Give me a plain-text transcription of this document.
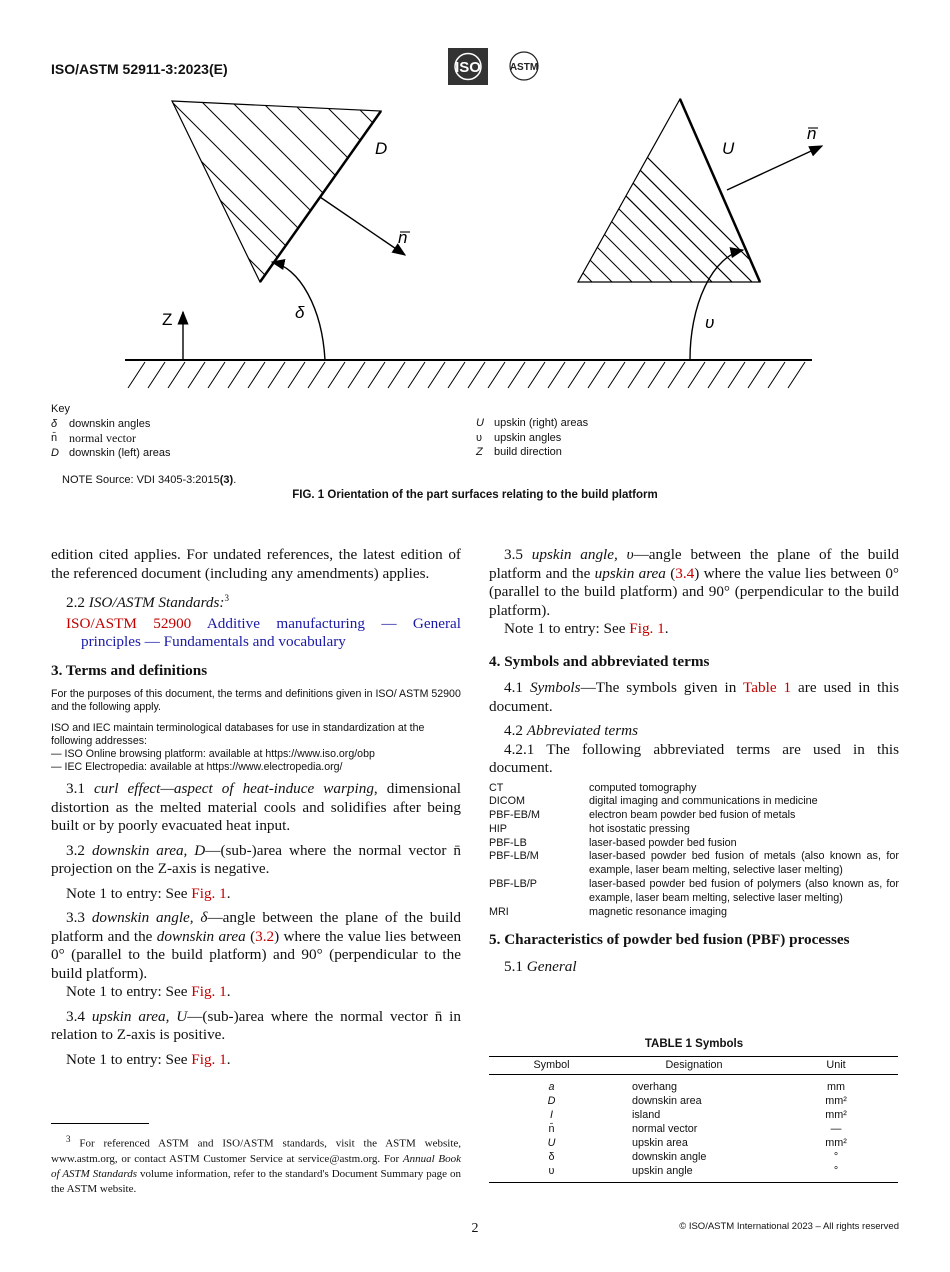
ISO/ASTM 52911-3:2023(E)	ISO	ASTM
D	U
n
n
δ
υ
Z
Key
δ	downskin angles
n̄ normal vector
D downskin (left) areas
U upskin (right) areas
υ	upskin angles
Z build direction
NOTE Source: VDI 3405-3:2015(3).
FIG. 1 Orientation of the part surfaces relating to the build platform

edition cited applies. For undated references, the latest edition of the referenced document (including any amendments) applies.

2.2 ISO/ASTM Standards:$^3$

ISO/ASTM 52900 Additive manufacturing — General principles — Fundamentals and vocabulary

3. Terms and definitions

For the purposes of this document, the terms and definitions given in ISO/ ASTM 52900 and the following apply.

ISO and IEC maintain terminological databases for use in standardization at the following addresses:
— ISO Online browsing platform: available at https://www.iso.org/obp
— IEC Electropedia: available at https://www.electropedia.org/

3.1 curl effect—aspect of heat-induce warping, dimensional distortion as the melted material cools and solidifies after being built or by poorly evacuated heat input.

3.2 downskin area, D—(sub-)area where the normal vector n̄ projection on the Z-axis is negative.

Note 1 to entry: See Fig. 1.

3.3 downskin angle, δ—angle between the plane of the build platform and the downskin area (3.2) where the value lies between 0° (parallel to the build platform) and 90° (perpendicular to the build platform).

Note 1 to entry: See Fig. 1.

3.4 upskin area, U—(sub-)area where the normal vector n̄ in relation to Z-axis is positive.

Note 1 to entry: See Fig. 1.

$^3$ For referenced ASTM and ISO/ASTM standards, visit the ASTM website, www.astm.org, or contact ASTM Customer Service at service@astm.org. For Annual Book of ASTM Standards volume information, refer to the standard's Document Summary page on the ASTM website.

3.5 upskin angle, υ—angle between the plane of the build platform and the upskin area (3.4) where the value lies between 0° (parallel to the build platform) and 90° (perpendicular to the build platform).

Note 1 to entry: See Fig. 1.

4. Symbols and abbreviated terms

4.1 Symbols—The symbols given in Table 1 are used in this document.

4.2 Abbreviated terms

4.2.1 The following abbreviated terms are used in this document.

CT	computed tomography
DICOM	digital imaging and communications in medicine
PBF-EB/M	electron beam powder bed fusion of metals
HIP	hot isostatic pressing
PBF-LB	laser-based powder bed fusion
PBF-LB/M	laser-based powder bed fusion of metals (also known as, for example, laser beam melting, selective laser melting)
PBF-LB/P	laser-based powder bed fusion of polymers (also known as, for example, laser beam melting, selective laser melting)
MRI	magnetic resonance imaging
5. Characteristics of powder bed fusion (PBF) processes

5.1 General

TABLE 1 Symbols
Symbol	Designation	Unit
a	overhang	mm
D	downskin area	mm²
I	island	mm²
n̄	normal vector	—
U	upskin area	mm²
δ	downskin angle	°
υ	upskin angle	°
2	© ISO/ASTM International 2023 – All rights reserved
